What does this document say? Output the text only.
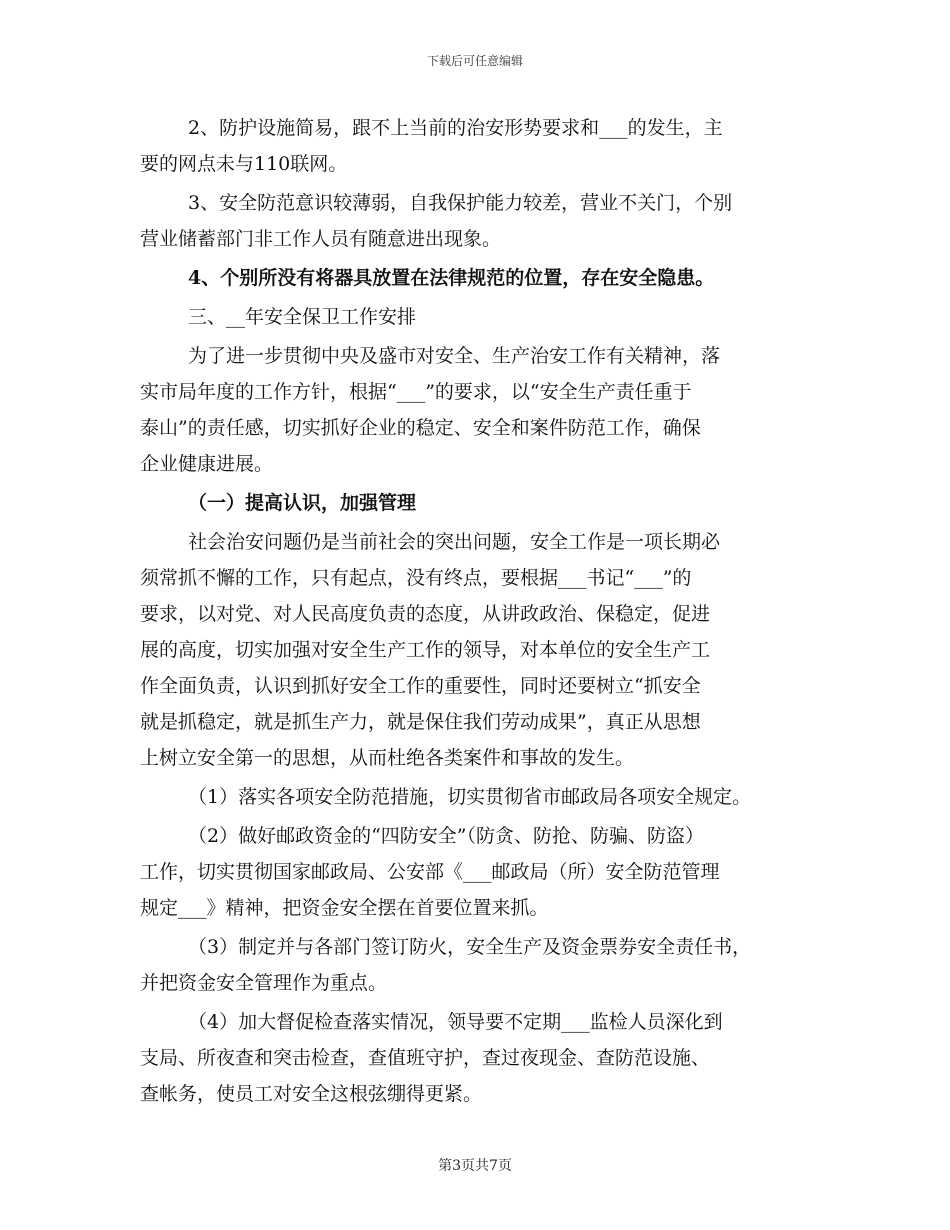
下载后可任意编辑

2、防护设施简易，跟不上当前的治安形势要求和___的发生，主
要的网点未与110联网。

3、安全防范意识较薄弱，自我保护能力较差，营业不关门，个别
营业储蓄部门非工作人员有随意进出现象。

4、个别所没有将器具放置在法律规范的位置，存在安全隐患。

三、__年安全保卫工作安排

为了进一步贯彻中央及盛市对安全、生产治安工作有关精神，落
实市局年度的工作方针，根据“___”的要求，以“安全生产责任重于
泰山”的责任感，切实抓好企业的稳定、安全和案件防范工作，确保
企业健康进展。

（一）提高认识，加强管理

社会治安问题仍是当前社会的突出问题，安全工作是一项长期必
须常抓不懈的工作，只有起点，没有终点，要根据___书记“___”的
要求，以对党、对人民高度负责的态度，从讲政政治、保稳定，促进
展的高度，切实加强对安全生产工作的领导，对本单位的安全生产工
作全面负责，认识到抓好安全工作的重要性，同时还要树立“抓安全
就是抓稳定，就是抓生产力，就是保住我们劳动成果”，真正从思想
上树立安全第一的思想，从而杜绝各类案件和事故的发生。

（1）落实各项安全防范措施，切实贯彻省市邮政局各项安全规定。

（2）做好邮政资金的“四防安全”（防贪、防抢、防骗、防盗）
工作，切实贯彻国家邮政局、公安部《___邮政局（所）安全防范管理
规定___》精神，把资金安全摆在首要位置来抓。

（3）制定并与各部门签订防火，安全生产及资金票券安全责任书，
并把资金安全管理作为重点。

（4）加大督促检查落实情况，领导要不定期___监检人员深化到
支局、所夜查和突击检查，查值班守护，查过夜现金、查防范设施、
查帐务，使员工对安全这根弦绷得更紧。

第3页共7页
